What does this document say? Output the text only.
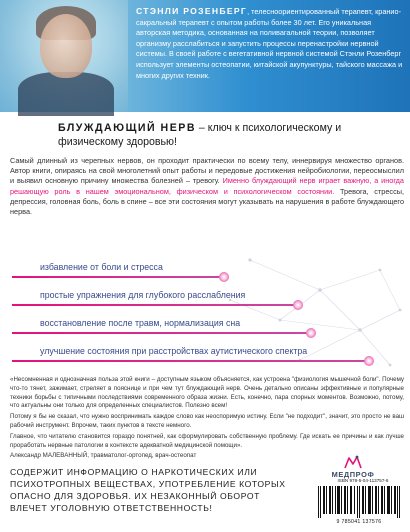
СТЭНЛИ РОЗЕНБЕРГ, телесноориентированный терапевт, кранио-сакральный терапевт с опытом работы более 30 лет. Его уникальная авторская методика, основанная на поливагальной теории, позволяет организму расслабиться и запустить процессы перенастройки нервной системы. В своей работе с вегетативной нервной системой Стэнли Розенберг использует элементы остеопатии, китайской акупунктуры, тайского массажа и многих других техник.
БЛУЖДАЮЩИЙ НЕРВ – ключ к психологическому и физическому здоровью!
Самый длинный из черепных нервов, он проходит практически по всему телу, иннервируя множество органов. Автор книги, опираясь на свой многолетний опыт работы и передовые достижения нейробиологии, переосмыслил и выявил основную причину множества болезней – тревогу. Именно блуждающий нерв играет важную, а иногда решающую роль в нашем эмоциональном, физическом и психологическом состоянии. Тревога, стрессы, депрессия, головная боль, боль в спине – все эти состояния могут указывать на нарушения в работе блуждающего нерва.
избавление от боли и стресса
простые упражнения для глубокого расслабления
восстановление после травм, нормализация сна
улучшение состояния при расстройствах аутистического спектра

«Несомненная и однозначная польза этой книги – доступным языком объясняется, как устроена "физиология мышечной боли". Почему что-то тянет, зажимает, стреляет в пояснице и при чем тут блуждающий нерв. Очень детально описаны эффективные и популярные техники борьбы с типичными последствиями современного образа жизни. Есть, конечно, пара спорных моментов. Возможно, потому, что актуальны они только для определенных специалистов. Полезно всем!

Потому я бы не сказал, что нужно воспринимать каждое слово как неоспоримую истину. Если "не подходит", значит, это просто не ваш рабочий инструмент. Впрочем, таких пунктов в тексте немного.

Главное, что читателю становится гораздо понятней, как сформулировать собственную проблему. Где искать ее причины и как лучше проработать нервные патологии в контексте адекватной медицинской помощи».

Александр МАЛЕВАННЫЙ, травматолог-ортопед, врач-остеопат

МЕДПРОФ
СОДЕРЖИТ ИНФОРМАЦИЮ О НАРКОТИЧЕСКИХ ИЛИ ПСИХОТРОПНЫХ ВЕЩЕСТВАХ, УПОТРЕБЛЕНИЕ КОТОРЫХ ОПАСНО ДЛЯ ЗДОРОВЬЯ. ИХ НЕЗАКОННЫЙ ОБОРОТ ВЛЕЧЕТ УГОЛОВНУЮ ОТВЕТСТВЕННОСТЬ!
ISBN 978-5-04-113757-6
9 785041 137576
